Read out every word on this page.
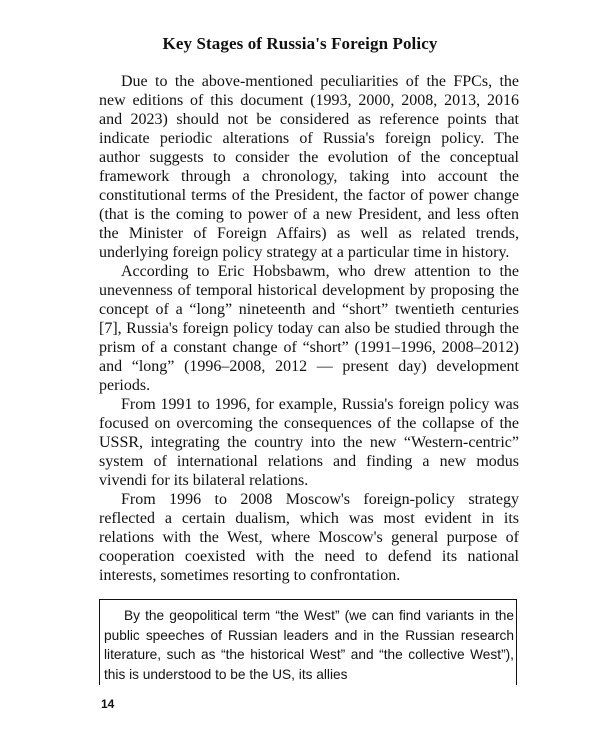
Key Stages of Russia's Foreign Policy

Due to the above-mentioned peculiarities of the FPCs, the new editions of this document (1993, 2000, 2008, 2013, 2016 and 2023) should not be considered as reference points that indicate periodic alterations of Russia's foreign policy. The author suggests to consider the evolution of the conceptual framework through a chronology, taking into account the constitutional terms of the President, the factor of power change (that is the coming to power of a new President, and less often the Minister of Foreign Affairs) as well as related trends, underlying foreign policy strategy at a particular time in history.

According to Eric Hobsbawm, who drew attention to the unevenness of temporal historical development by proposing the concept of a “long” nineteenth and “short” twentieth centuries [7], Russia's foreign policy today can also be studied through the prism of a constant change of “short” (1991–1996, 2008–2012) and “long” (1996–2008, 2012 — present day) development periods.

From 1991 to 1996, for example, Russia's foreign policy was focused on overcoming the consequences of the collapse of the USSR, integrating the country into the new “Western-centric” system of international relations and finding a new modus vivendi for its bilateral relations.

From 1996 to 2008 Moscow's foreign-policy strategy reflected a certain dualism, which was most evident in its relations with the West, where Moscow's general purpose of cooperation coexisted with the need to defend its national interests, sometimes resorting to confrontation.

By the geopolitical term “the West” (we can find variants in the public speeches of Russian leaders and in the Russian research literature, such as “the historical West” and “the collective West”), this is understood to be the US, its allies

14
